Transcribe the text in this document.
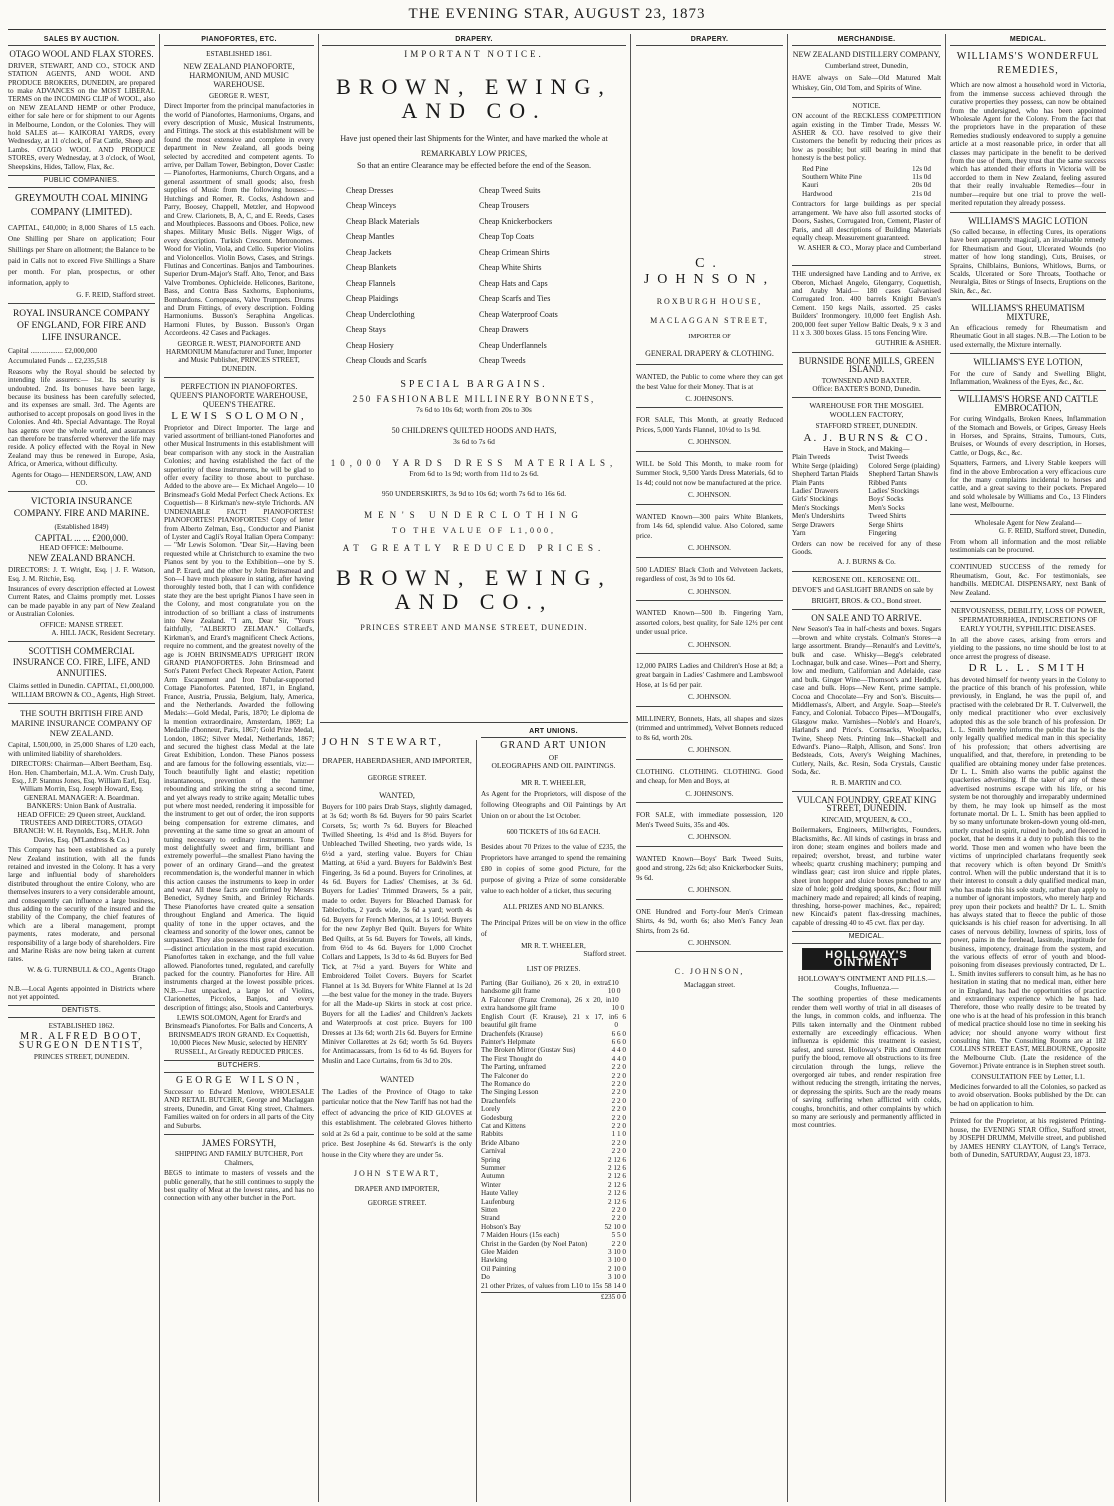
THE EVENING STAR, AUGUST 23, 1873
SALES BY AUCTION.
OTAGO WOOL AND FLAX STORES.
DRIVER, STEWART, AND CO., STOCK AND STATION AGENTS, AND WOOL AND PRODUCE BROKERS, DUNEDIN, are prepared to make ADVANCES on the MOST LIBERAL TERMS on the INCOMING CLIP of WOOL, also on NEW ZEALAND HEMP or other Produce, either for sale here or for shipment to our Agents in Melbourne, London, or the Colonies. They will hold SALES at— KAIKORAI YARDS, every Wednesday, at 11 o'clock, of Fat Cattle, Sheep and Lambs. OTAGO WOOL AND PRODUCE STORES, every Wednesday, at 3 o'clock, of Wool, Sheepskins, Hides, Tallow, Flax, &c.
PUBLIC COMPANIES.
GREYMOUTH COAL MINING COMPANY (LIMITED).
CAPITAL, £40,000; in 8,000 Shares of L5 each. One Shilling per Share on application; Four Shillings per Share on allotment; the Balance to be paid in Calls not to exceed Five Shillings a Share per month. For plan, prospectus, or other information, apply to
G. F. REID, Stafford street.
ROYAL INSURANCE COMPANY OF ENGLAND, FOR FIRE AND LIFE INSURANCE.
Capital .................. £2,000,000
Accumulated Funds ... £2,235,518
Reasons why the Royal should be selected by intending life assurers:— 1st. Its security is undoubted. 2nd. Its bonuses have been large, because its business has been carefully selected, and its expenses are small. 3rd. The Agents are authorised to accept proposals on good lives in the Colonies. And 4th. Special Advantage. The Royal has agents over the whole world, and assurances can therefore be transferred wherever the life may reside. A policy effected with the Royal in New Zealand may thus be renewed in Europe, Asia, Africa, or America, without difficulty.
Agents for Otago— HENDERSON, LAW, AND CO.
VICTORIA INSURANCE COMPANY. FIRE AND MARINE.
(Established 1849)
CAPITAL ... ... £200,000.
HEAD OFFICE: Melbourne.
NEW ZEALAND BRANCH.
DIRECTORS: J. T. Wright, Esq. | J. F. Watson, Esq. J. M. Ritchie, Esq.
Insurances of every description effected at Lowest Current Rates, and Claims promptly met. Losses can be made payable in any part of New Zealand or Australian Colonies.
OFFICE: MANSE STREET.
A. HILL JACK, Resident Secretary.
SCOTTISH COMMERCIAL INSURANCE CO. FIRE, LIFE, AND ANNUITIES.
Claims settled in Dunedin. CAPITAL, £1,000,000.
WILLIAM BROWN & CO., Agents, High Street.
THE SOUTH BRITISH FIRE AND MARINE INSURANCE COMPANY OF NEW ZEALAND.
Capital, L500,000, in 25,000 Shares of L20 each, with unlimited liability of shareholders.
DIRECTORS: Chairman—Albert Beetham, Esq. Hon. Hen. Chamberlain, M.L.A. Wm. Crush Daly, Esq., J.P. Stannus Jones, Esq. William Earl, Esq. William Morrin, Esq. Joseph Howard, Esq.
GENERAL MANAGER: A. Boardman.
BANKERS: Union Bank of Australia.
HEAD OFFICE: 29 Queen street, Auckland.
TRUSTEES AND DIRECTORS, OTAGO BRANCH: W. H. Reynolds, Esq., M.H.R. John Davies, Esq. (M'Landress & Co.)
This Company has been established as a purely New Zealand institution, with all the funds retained and invested in the Colony. It has a very large and influential body of shareholders distributed throughout the entire Colony, who are themselves insurers to a very considerable amount, and consequently can influence a large business, thus adding to the security of the insured and the stability of the Company, the chief features of which are a liberal management, prompt payments, rates moderate, and personal responsibility of a large body of shareholders. Fire and Marine Risks are now being taken at current rates.
W. & G. TURNBULL & CO., Agents Otago Branch.
N.B.—Local Agents appointed in Districts where not yet appointed.
DENTISTS.
ESTABLISHED 1862.
MR. ALFRED BOOT, SURGEON DENTIST,
PRINCES STREET, DUNEDIN.
PIANOFORTES, ETC.
ESTABLISHED 1861.
NEW ZEALAND PIANOFORTE, HARMONIUM, AND MUSIC WAREHOUSE.
GEORGE R. WEST,
Direct Importer from the principal manufactories in the world of Pianofortes, Harmoniums, Organs, and every description of Music, Musical Instruments, and Fittings. The stock at this establishment will be found the most extensive and complete in every department in New Zealand, all goods being selected by accredited and competent agents. To arrive, per Dallam Tower, Bebington, Dover Castle:— Pianofortes, Harmoniums, Church Organs, and a general assortment of small goods; also, fresh supplies of Music from the following houses:—Hutchings and Romer, R. Cocks, Ashdown and Parry, Boosey, Chappell, Metzler, and Hopwood and Crew. Clarionets, B, A, C, and E. Reeds, Cases and Mouthpieces. Bassoons and Oboes. Police, new shapes. Military Music Bells. Nigger Wigs, of every description. Turkish Crescent. Metronomes. Wood for Violin, Viola, and Cello. Superior Violins and Violoncellos. Violin Bows, Cases, and Strings. Flutinas and Concertinas. Banjos and Tambourines. Superior Drum-Major's Staff. Alto, Tenor, and Bass Valve Trombones. Ophicleide. Helicones, Baritone, Bass, and Contra Bass Saxhorns, Euphoniums, Bombardons. Cornopeans, Valve Trumpets. Drums and Drum Fittings, of every description. Folding Harmoniums. Busson's Seraphina Angelicas. Harmoni Flutes, by Busson. Busson's Organ Accordeons. 42 Cases and Packages.
GEORGE R. WEST, PIANOFORTE AND HARMONIUM Manufacturer and Tuner, Importer and Music Publisher, PRINCES STREET, DUNEDIN.
PERFECTION IN PIANOFORTES. QUEEN'S PIANOFORTE WAREHOUSE, QUEEN'S THEATRE.
LEWIS SOLOMON,
Proprietor and Direct Importer. The large and varied assortment of brilliant-toned Pianofortes and other Musical Instruments in this establishment will bear comparison with any stock in the Australian Colonies; and having established the fact of the superiority of these instruments, he will be glad to offer every facility to those about to purchase. Added to the above are— Ex Michael Angelo— 10 Brinsmead's Gold Medal Perfect Check Actions. Ex Coquettish— 8 Kirkman's new-style Trichords. AN UNDENIABLE FACT! PIANOFORTES! PIANOFORTES! PIANOFORTES! Copy of letter from Alberto Zelman, Esq., Conductor and Pianist of Lyster and Cagli's Royal Italian Opera Company:— "Mr Lewis Solomon. "Dear Sir,—Having been requested while at Christchurch to examine the two Pianos sent by you to the Exhibition—one by S. and P. Erard, and the other by John Brinsmead and Son—I have much pleasure in stating, after having thoroughly tested both, that I can with confidence state they are the best upright Pianos I have seen in the Colony, and most congratulate you on the introduction of so brilliant a class of instruments into New Zealand. "I am, Dear Sir, "Yours faithfully, "ALBERTO ZELMAN." Collard's, Kirkman's, and Erard's magnificent Check Actions, require no comment, and the greatest novelty of the age is JOHN BRINSMEAD'S UPRIGHT IRON GRAND PIANOFORTES. John Brinsmead and Son's Patent Perfect Check Repeater Action, Patent Arm Escapement and Iron Tubular-supported Cottage Pianofortes. Patented, 1871, in England, France, Austria, Prussia, Belgium, Italy, America, and the Netherlands. Awarded the following Medals:—Gold Medal, Paris, 1870; Le diploma de la mention extraordinaire, Amsterdam, 1869; La Medaille d'honneur, Paris, 1867; Gold Prize Medal, London, 1862; Silver Medal, Netherlands, 1867; and secured the highest class Medal at the late Great Exhibition, London. These Pianos possess and are famous for the following essentials, viz:—Touch beautifully light and elastic; repetition instantaneous, prevention of the hammer rebounding and striking the string a second time, and yet always ready to strike again; Metallic tubes put where most needed, rendering it impossible for the instrument to get out of order, the iron supports being compensation for extreme climates, and preventing at the same time so great an amount of tuning necessary to ordinary instruments. Tone most delightfully sweet and firm, brilliant and extremely powerful—the smallest Piano having the power of an ordinary Grand—and the greatest recommendation is, the wonderful manner in which this action causes the instruments to keep in order and wear. All these facts are confirmed by Messrs Benedict, Sydney Smith, and Brinley Richards. These Pianofortes have created quite a sensation throughout England and America. The liquid quality of tone in the upper octaves, and the clearness and sonority of the lower ones, cannot be surpassed. They also possess this great desideratum—distinct articulation in the most rapid execution. Pianofortes taken in exchange, and the full value allowed. Pianofortes tuned, regulated, and carefully packed for the country. Pianofortes for Hire. All instruments charged at the lowest possible prices. N.B.—Just unpacked, a large lot of Violins, Clarionettes, Piccolos, Banjos, and every description of fittings; also, Stools and Canterburys.
LEWIS SOLOMON, Agent for Erard's and Brinsmead's Pianofortes. For Balls and Concerts, A BRINSMEAD'S IRON GRAND. Ex Coquettish, 10,000 Pieces New Music, selected by HENRY RUSSELL, At Greatly REDUCED PRICES.
BUTCHERS.
GEORGE WILSON,
Successor to Edward Menlove, WHOLESALE AND RETAIL BUTCHER, George and Maclaggan streets, Dunedin, and Great King street, Chalmers. Families waited on for orders in all parts of the City and Suburbs.
JAMES FORSYTH,
SHIPPING AND FAMILY BUTCHER, Port Chalmers,
BEGS to intimate to masters of vessels and the public generally, that he still continues to supply the best quality of Meat at the lowest rates, and has no connection with any other butcher in the Port.
DRAPERY.
IMPORTANT NOTICE.
BROWN, EWING, AND CO.
Have just opened their last Shipments for the Winter, and have marked the whole at
REMARKABLY LOW PRICES,
So that an entire Clearance may be effected before the end of the Season.
Cheap Dresses
Cheap Winceys
Cheap Black Materials
Cheap Mantles
Cheap Jackets
Cheap Blankets
Cheap Flannels
Cheap Plaidings
Cheap Underclothing
Cheap Stays
Cheap Hosiery
Cheap Clouds and Scarfs
Cheap Tweed Suits
Cheap Trousers
Cheap Knickerbockers
Cheap Top Coats
Cheap Crimean Shirts
Cheap White Shirts
Cheap Hats and Caps
Cheap Scarfs and Ties
Cheap Waterproof Coats
Cheap Drawers
Cheap Underflannels
Cheap Tweeds
SPECIAL BARGAINS.
250 FASHIONABLE MILLINERY BONNETS,
7s 6d to 10s 6d; worth from 20s to 30s
50 CHILDREN'S QUILTED HOODS AND HATS,
3s 6d to 7s 6d
10,000 YARDS DRESS MATERIALS,
From 6d to 1s 9d; worth from 11d to 2s 6d.
950 UNDERSKIRTS, 3s 9d to 10s 6d; worth 7s 6d to 16s 6d.
MEN'S UNDERCLOTHING
TO THE VALUE OF L1,000,
AT GREATLY REDUCED PRICES.
BROWN, EWING, AND CO.,
PRINCES STREET AND MANSE STREET, DUNEDIN.
JOHN STEWART,
DRAPER, HABERDASHER, AND IMPORTER,
GEORGE STREET.
WANTED,
Buyers for 100 pairs Drab Stays, slightly damaged, at 3s 6d; worth 8s 6d. Buyers for 90 pairs Scarlet Corsets, 5s; worth 7s 6d. Buyers for Bleached Twilled Sheeting, 1s 4½d and 1s 8½d. Buyers for Unbleached Twilled Sheeting, two yards wide, 1s 6½d a yard, sterling value. Buyers for Chiau Matting, at 6¼d a yard. Buyers for Baldwin's Best Fingering, 3s 6d a pound. Buyers for Crinolines, at 4s 6d. Buyers for Ladies' Chemises, at 3s 6d. Buyers for Ladies' Trimmed Drawers, 5s a pair, made to order. Buyers for Bleached Damask for Tablecloths, 2 yards wide, 3s 6d a yard; worth 4s 6d. Buyers for French Merinos, at 1s 10½d. Buyers for the new Zephyr Bed Quilt. Buyers for White Bed Quilts, at 5s 6d. Buyers for Towels, all kinds, from 6½d to 4s 6d. Buyers for 1,000 Crochet Collars and Lappets, 1s 3d to 4s 6d. Buyers for Bed Tick, at 7½d a yard. Buyers for White and Embroidered Toilet Covers. Buyers for Scarlet Flannel at 1s 3d. Buyers for White Flannel at 1s 2d—the best value for the money in the trade. Buyers for all the Made-up Skirts in stock at cost price. Buyers for all the Ladies' and Children's Jackets and Waterproofs at cost price. Buyers for 100 Dresses at 13s 6d; worth 21s 6d. Buyers for Ermine Miniver Collarettes at 2s 6d; worth 5s 6d. Buyers for Antimacassars, from 1s 6d to 4s 6d. Buyers for Muslin and Lace Curtains, from 6s 3d to 20s.
WANTED
The Ladies of the Province of Otago to take particular notice that the New Tariff has not had the effect of advancing the price of KID GLOVES at this establishment. The celebrated Gloves hitherto sold at 2s 6d a pair, continue to be sold at the same price. Best Josephine 4s 6d. Stewart's is the only house in the City where they are under 5s.
JOHN STEWART,
DRAPER AND IMPORTER,
GEORGE STREET.
ART UNIONS.
GRAND ART UNION
OF
OLEOGRAPHS AND OIL PAINTINGS.
MR R. T. WHEELER,
As Agent for the Proprietors, will dispose of the following Oleographs and Oil Paintings by Art Union on or about the 1st October.
600 TICKETS of 10s 6d EACH.
Besides about 70 Prizes to the value of £235, the Proprietors have arranged to spend the remaining £80 in copies of some good Picture, for the purpose of giving a Prize of some considerable value to each holder of a ticket, thus securing
ALL PRIZES AND NO BLANKS.
The Principal Prizes will be on view in the office of
MR R. T. WHEELER,
Stafford street.
LIST OF PRIZES.
Parting (Bar Guiliano), 26 x 20, in extra handsome gilt frame
£10 10 0
A Falconer (Franz Cremona), 26 x 20, in extra handsome gilt frame
10 10 0
English Court (F. Krause), 21 x 17, in beautiful gilt frame
6 6 0
Drachenfels (Krause)	6 6 0
Painter's Helpmate	6 6 0
The Broken Mirror (Gustav Sus)	4 4 0
The First Thought do	4 4 0
The Parting, unframed	2 2 0
The Falconer do	2 2 0
The Romance do	2 2 0
The Singing Lesson	2 2 0
Drachenfels	2 2 0
Lorely	2 2 0
Godesburg	2 2 0
Cat and Kittens	2 2 0
Rabbits	1 1 0
Bride Albano	2 2 0
Carnival	2 2 0
Spring	2 12 6
Summer	2 12 6
Autumn	2 12 6
Winter	2 12 6
Haute Valley	2 12 6
Laufenburg	2 12 6
Sitten	2 2 0
Strand	2 2 0
Hobson's Bay	52 10 0
7 Maiden Hours (15s each)	5 5 0
Christ in the Garden (by Noel Paton)	2 2 0
Glee Maiden	3 10 0
Hawking	3 10 0
Oil Painting	2 10 0
Do	3 10 0
21 other Prizes, of values from L10 to 15s 58 14 0
£235 0 0
DRAPERY.
C. JOHNSON,
ROXBURGH HOUSE,
MACLAGGAN STREET,
IMPORTER OF
GENERAL DRAPERY & CLOTHING.
WANTED, the Public to come where they can get the best Value for their Money. That is at
C. JOHNSON'S.
FOR SALE, This Month, at greatly Reduced Prices, 5,000 Yards Flannel, 10½d to 1s 9d.
C. JOHNSON.
WILL be Sold This Month, to make room for Summer Stock, 9,500 Yards Dress Materials, 6d to 1s 4d; could not now be manufactured at the price.
C. JOHNSON.
WANTED Known—300 pairs White Blankets, from 14s 6d, splendid value. Also Colored, same price.
C. JOHNSON.
500 LADIES' Black Cloth and Velveteen Jackets, regardless of cost, 3s 9d to 10s 6d.
C. JOHNSON.
WANTED Known—500 lb. Fingering Yarn, assorted colors, best quality, for Sale 12½ per cent under usual price.
C. JOHNSON.
12,000 PAIRS Ladies and Children's Hose at 8d; a great bargain in Ladies' Cashmere and Lambswool Hose, at 1s 6d per pair.
C. JOHNSON.
MILLINERY, Bonnets, Hats, all shapes and sizes (trimmed and untrimmed), Velvet Bonnets reduced to 8s 6d, worth 20s.
C. JOHNSON.
CLOTHING. CLOTHING. CLOTHING. Good and cheap, for Men and Boys, at
C. JOHNSON'S.
FOR SALE, with immediate possession, 120 Men's Tweed Suits, 35s and 40s.
C. JOHNSON.
WANTED Known—Boys' Bark Tweed Suits, good and strong, 22s 6d; also Knickerbocker Suits, 9s 6d.
C. JOHNSON.
ONE Hundred and Forty-four Men's Crimean Shirts, 4s 9d, worth 6s; also Men's Fancy Jean Shirts, from 2s 6d.
C. JOHNSON.
C. JOHNSON,
Maclaggan street.
MERCHANDISE.
NEW ZEALAND DISTILLERY COMPANY,
Cumberland street, Dunedin,
HAVE always on Sale—Old Matured Malt Whiskey, Gin, Old Tom, and Spirits of Wine.
NOTICE.
ON account of the RECKLESS COMPETITION again existing in the Timber Trade, Messrs W. ASHER & CO. have resolved to give their Customers the benefit by reducing their prices as low as possible; but still bearing in mind that honesty is the best policy.
Red Pine	12s 0d
Southern White Pine	11s 0d
Kauri	20s 0d
Hardwood	21s 0d
Contractors for large buildings as per special arrangement. We have also full assorted stocks of Doors, Sashes, Corrugated Iron, Cement, Plaster of Paris, and all descriptions of Building Materials equally cheap. Measurement guaranteed.
W. ASHER & CO., Moray place and Cumberland street.
THE undersigned have Landing and to Arrive, ex Oberon, Michael Angelo, Glengarry, Coquettish, and Araby Maid— 180 cases Galvanised Corrugated Iron. 400 barrels Knight Bevan's Cement. 150 kegs Nails, assorted. 25 casks Builders' Ironmongery. 10,000 feet English Ash. 200,000 feet super Yellow Baltic Deals, 9 x 3 and 11 x 3. 300 boxes Glass. 15 tons Fencing Wire.
GUTHRIE & ASHER.
BURNSIDE BONE MILLS, GREEN ISLAND.
TOWNSEND AND BAXTER.
Office: BAXTER'S BOND, Dunedin.
WAREHOUSE FOR THE MOSGIEL WOOLLEN FACTORY,
STAFFORD STREET, DUNEDIN.
A. J. BURNS & CO.
Have in Stock, and Making—
Plain Tweeds
White Serge (plaiding)
Shepherd Tartan Plaids
Plain Pants
Ladies' Drawers
Girls' Stockings
Men's Stockings
Men's Undershirts
Serge Drawers
Yarn
Twist Tweeds
Colored Serge (plaiding)
Shepherd Tartan Shawls
Ribbed Pants
Ladies' Stockings
Boys' Socks
Men's Socks
Tweed Shirts
Serge Shirts
Fingering
Orders can now be received for any of these Goods.
A. J. BURNS & Co.
KEROSENE OIL. KEROSENE OIL.
DEVOE'S and GASLIGHT BRANDS on sale by
BRIGHT, BROS. & CO., Bond street.
ON SALE AND TO ARRIVE.
New Season's Tea in half-chests and boxes. Sugars—brown and white crystals. Colman's Stores—a large assortment. Brandy—Renault's and Levitte's, bulk and case. Whisky—Begg's celebrated Lochnagar, bulk and case. Wines—Port and Sherry, low and medium, Californian and Adelaide, case and bulk. Ginger Wine—Thomson's and Heddle's, case and bulk. Hops—New Kent, prime sample. Cocoa and Chocolate—Fry and Son's. Biscuits—Middlemass's, Albert, and Argyle. Soap—Steele's Fancy, and Colonial. Tobacco Pipes—M'Dougall's, Glasgow make. Varnishes—Noble's and Hoare's, Harland's and Price's. Cornsacks, Woolpacks, Twine, Sheep Nets. Printing Ink—Shackell and Edward's. Piano—Ralph, Allison, and Sons'. Iron Bedsteads, Cots, Avery's Weighing Machines, Cutlery, Nails, &c. Resin, Soda Crystals, Caustic Soda, &c.
R. B. MARTIN and CO.
VULCAN FOUNDRY, GREAT KING STREET, DUNEDIN.
KINCAID, M'QUEEN, & CO.,
Boilermakers, Engineers, Millwrights, Founders, Blacksmiths, &c. All kinds of castings in brass and iron done; steam engines and boilers made and repaired; overshot, breast, and turbine water wheels; quartz crushing machinery; pumping and windlass gear; cast iron sluice and ripple plates, sheet iron hopper and sluice boxes punched to any size of hole; gold dredging spoons, &c.; flour mill machinery made and repaired; all kinds of reaping, threshing, horse-power machines, &c., repaired; new Kincaid's patent flax-dressing machines, capable of dressing 40 to 45 cwt. flax per day.
MEDICAL.
HOLLOWAY'S OINTMENT
HOLLOWAY'S OINTMENT AND PILLS.—Coughs, Influenza.—
The soothing properties of these medicaments render them well worthy of trial in all diseases of the lungs, in common colds, and influenza. The Pills taken internally and the Ointment rubbed externally are exceedingly efficacious. When influenza is epidemic this treatment is easiest, safest, and surest. Holloway's Pills and Ointment purify the blood, remove all obstructions to its free circulation through the lungs, relieve the overgorged air tubes, and render respiration free without reducing the strength, irritating the nerves, or depressing the spirits. Such are the ready means of saving suffering when afflicted with colds, coughs, bronchitis, and other complaints by which so many are seriously and permanently afflicted in most countries.
MEDICAL.
WILLIAMS'S WONDERFUL REMEDIES,
Which are now almost a household word in Victoria, from the immense success achieved through the curative properties they possess, can now be obtained from the undersigned, who has been appointed Wholesale Agent for the Colony. From the fact that the proprietors have in the preparation of these Remedies studiously endeavored to supply a genuine article at a most reasonable price, in order that all classes may participate in the benefit to be derived from the use of them, they trust that the same success which has attended their efforts in Victoria will be accorded to them in New Zealand, feeling assured that their really invaluable Remedies—four in number—require but one trial to prove the well-merited reputation they already possess.
WILLIAMS'S MAGIC LOTION
(So called because, in effecting Cures, its operations have been apparently magical), an invaluable remedy for Rheumatism and Gout, Ulcerated Wounds (no matter of how long standing), Cuts, Bruises, or Sprains, Chilblains, Bunions, Whitlows, Burns, or Scalds, Ulcerated or Sore Throats, Toothache or Neuralgia, Bites or Stings of Insects, Eruptions on the Skin, &c., &c.
WILLIAMS'S RHEUMATISM MIXTURE,
An efficacious remedy for Rheumatism and Rheumatic Gout in all stages. N.B.—The Lotion to be used externally, the Mixture internally.
WILLIAMS'S EYE LOTION,
For the cure of Sandy and Swelling Blight, Inflammation, Weakness of the Eyes, &c., &c.
WILLIAMS'S HORSE AND CATTLE EMBROCATION,
For curing Windgalls, Broken Knees, Inflammation of the Stomach and Bowels, or Gripes, Greasy Heels in Horses, and Sprains, Strains, Tumours, Cuts, Bruises, or Wounds of every description, in Horses, Cattle, or Dogs, &c., &c.
Squatters, Farmers, and Livery Stable keepers will find in the above Embrocation a very efficacious cure for the many complaints incidental to horses and cattle, and a great saving to their pockets. Prepared and sold wholesale by Williams and Co., 13 Flinders lane west, Melbourne.
Wholesale Agent for New Zealand—
G. F. REID, Stafford street, Dunedin,
From whom all information and the most reliable testimonials can be procured.
CONTINUED SUCCESS of the remedy for Rheumatism, Gout, &c. For testimonials, see handbills. MEDICAL DISPENSARY, next Bank of New Zealand.
NERVOUSNESS, DEBILITY, LOSS OF POWER, SPERMATORRHŒA, INDISCRETIONS OF EARLY YOUTH, SYPHILITIC DISEASES.
In all the above cases, arising from errors and yielding to the passions, no time should be lost to at once arrest the progress of disease.
DR L. L. SMITH
has devoted himself for twenty years in the Colony to the practice of this branch of his profession, while previously, in England, he was the pupil of, and practised with the celebrated Dr R. T. Culverwell, the only medical practitioner who ever exclusively adopted this as the sole branch of his profession. Dr L. L. Smith hereby informs the public that he is the only legally qualified medical man in this speciality of his profession; that others advertising are unqualified, and that, therefore, in pretending to be qualified are obtaining money under false pretences. Dr L. L. Smith also warns the public against the quackeries advertising. If the taker of any of these advertised nostrums escape with his life, or his system be not thoroughly and irreparably undermined by them, he may look up himself as the most fortunate mortal. Dr L. L. Smith has been applied to by so many unfortunate broken-down young old-men, utterly crushed in spirit, ruined in body, and fleeced in pocket, that he deems it a duty to publish this to the world. Those men and women who have been the victims of unprincipled charlatans frequently seek that recovery which is often beyond Dr Smith's control. When will the public understand that it is to their interest to consult a duly qualified medical man, who has made this his sole study, rather than apply to a number of ignorant impostors, who merely harp and prey upon their pockets and health? Dr L. L. Smith has always stated that to fleece the public of those quicksands is his chief reason for advertising. In all cases of nervous debility, lowness of spirits, loss of power, pains in the forehead, lassitude, inaptitude for business, impotency, drainage from the system, and the various effects of error of youth and blood-poisoning from diseases previously contracted, Dr L. L. Smith invites sufferers to consult him, as he has no hesitation in stating that no medical man, either here or in England, has had the opportunities of practice and extraordinary experience which he has had. Therefore, those who really desire to be treated by one who is at the head of his profession in this branch of medical practice should lose no time in seeking his advice; nor should anyone worry without first consulting him. The Consulting Rooms are at 182 COLLINS STREET EAST, MELBOURNE, Opposite the Melbourne Club. (Late the residence of the Governor.) Private entrance is in Stephen street south.
CONSULTATION FEE by Letter, L1.
Medicines forwarded to all the Colonies, so packed as to avoid observation. Books published by the Dr. can be had on application to him.
Printed for the Proprietor, at his registered Printing-house, the EVENING STAR Office, Stafford street, by JOSEPH DRUMM, Melville street, and published by JAMES HENRY CLAYTON, of Lang's Terrace, both of Dunedin, SATURDAY, August 23, 1873.
